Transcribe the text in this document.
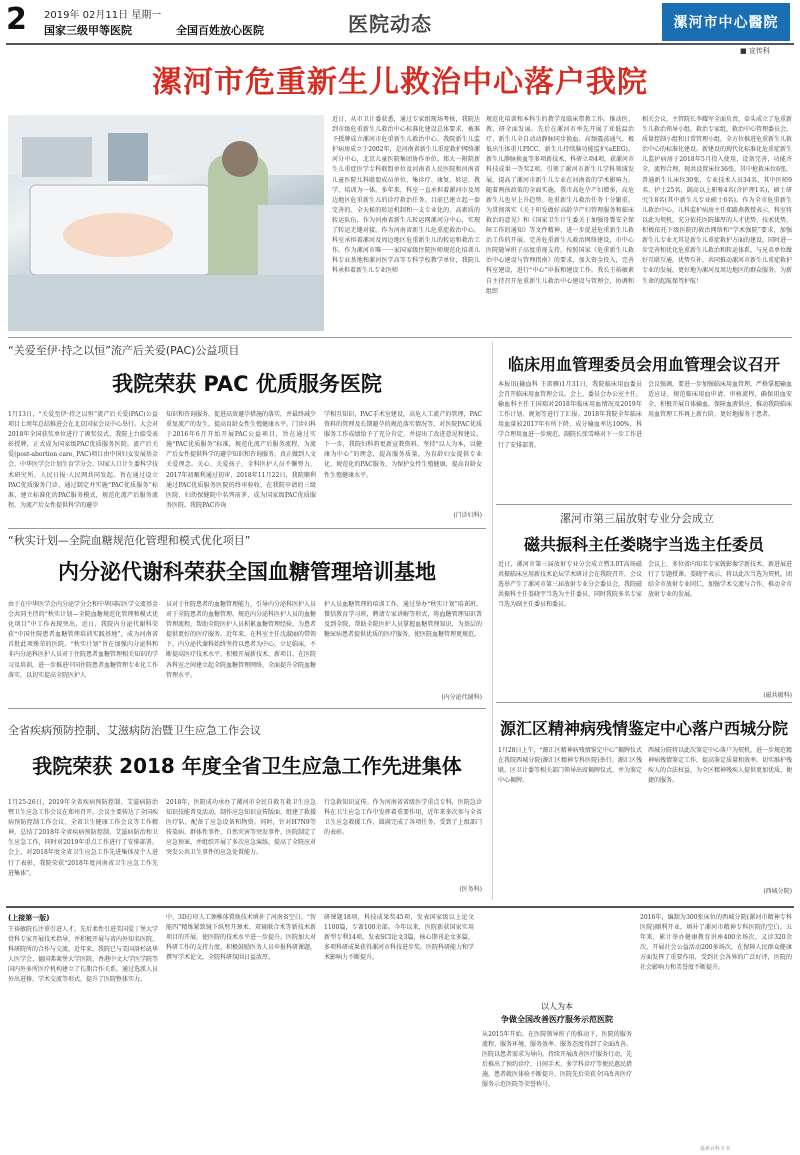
2 2019年 02月11日 星期一
国家三级甲等医院	全国百姓放心医院	医院动态	漯河市中心醫院
■ 宣传科
漯河市危重新生儿救治中心落户我院
近日，从市卫计委获悉，通过专家组现场考核，我院达到市级危重新生儿救治中心标准化建设总体要求，被准予授牌成立漯河市危重新生儿救治中心。我院新生儿监护病房成立于2002年，是河南省新生儿重症救护网络漯河分中心，北京儿童医院集团协作单位，郑大一附院新生儿重症医学专科联盟单位及河南省人民医院和河南省儿童医院儿科联盟成员单位，集诊疗、康复、转运、教学、培训为一体。多年来，科室一直承担着漯河市及周边地区危重新生儿的诊疗救治任务。目前已建立起一套完善的、全天候的转运机制和一支专业化的、高素质的转运队伍，作为河南省新生儿转运网漯河分中心，实现了转运无缝对接。作为河南省新生儿危重症救治中心，科室承担着漯河及周边地区危重新生儿的转运和救治工作。作为漯河市唯一一家国家级住院医师规范化培训儿科专业基地和漯河医学高等专科学校教学单位，我院儿科承担着新生儿专业医师
规范化培训和本科生的教学及临床带教工作。推动医、教、研全面发展。先后在漯河市率先开展了亚低温治疗、新生儿全自动动静脉同步换血、高频震荡通气、极低出生体重儿PICC、新生儿持续脑功能监护(aEEG)、新生儿静脉换血等多项新技术，科研立项4项，获漯河市科技成果一等奖2项。引领了漯河市新生儿学科领域发展，提高了漯河市新生儿专业在河南省的学术影响力。随着两孩政策的全面实施，我市高危孕产妇增多，高危新生儿也呈上升趋势。危重新生儿救治任务十分繁重。为贯彻落实《关于印发做好高龄孕产妇管理服务和临床救治的意见》和《国家卫生计生委关于加强母婴安全保障工作的通知》等文件精神，进一步促进危重新生儿救治工作的开展，完善危重新生儿救治网络建设，市中心医院随导班子高度重视支持，按照国家《危重新生儿救治中心建设与管理指南》的要求，加大资金投入，完善科室建设，进行“中心”申报和建设工作。我长王裕敏素自主持召开危重新生儿救治中心建设与管理会，协调和组织
相关会议，主管院长李耀军全面负责，牵头成立了危重新生儿救治领导小组，救治专家组，救治中心管理委员会，质量控制小组和日常管理小组，全方位推进危重新生儿救治中心的标准化建设。新建设的现代化标准化危重症新生儿监护病房于2018年5月投入使用，设备完善，功能齐全，流程合理。现共设置床位36张，其中抢救床位6张，普通新生儿床位30张，专业技术人员34名，其中医师9名，护士25名，副高以上职称4名(含护理1名)，硕士研究生8名(其中新生儿专业硕士6名)。作为全市危重新生儿救治中心，儿科监护病房主任郑路燕教授表示，科室将以此为契机，充分依托医院雄厚的人才优势、技术优势，积极依托下级医院的救治网络和“学术强院”要求，加强新生儿专业尤其是新生儿重症救护方面的建设，同时进一步完善和优化危重新生儿救治和转运体系，与兄弟单位做好互联互通，优势互补，共同推动漯河市新生儿重症救护专业的发展，更好地为漯河及周边地区的群众服务，为新生命的起航保驾护航！
“关爱至伊·持之以恒”流产后关爱(PAC)公益项目
我院荣获 PAC 优质服务医院
1月13日，“关爱至伊·持之以恒”流产后关爱(PAC)公益项目七周年总结推进会在北京国家会议中心举行。大会对2018年全国获奖单位进行了颁奖仪式，我院上台接受表彰授牌，正式成为国家级PAC优质服务医院。流产后关爱(post-abortion care, PAC)项目由中国妇女发展基金会、中华医学会计划生育学分会、国家人口计生委科学技术研究所、人民日报·人民网共同发起。旨在通过设立PAC优质服务门诊，通过制定并实施“PAC优质服务”标准，建立标准化的PAC服务模式，规范化流产后服务流程，为流产后女性提供科学的避孕
知识和咨询服务，促进高效避孕措施的落实，并最终减少重复流产的发生，提高育龄女性生殖健康水平。门诊妇科于2016年6月开始开展PAC公益项目，旨在通过实施“PAC优质服务”标准，规范化流产后服务流程，为流产后女性提供科学的避孕知识和咨询服务，真正做到人文关爱理念。关心、关爱孩子，全科医护人员不懈努力，2017年初顺利通过初审，2018年11月22日，我院顺利通过PAC优质服务医院的终审验收，在我院申请的三级医院、妇幼保健院中名列前茅，成为国家级PAC优质服务医院。我院PAC咨询
学相互知识，PAC手术室建设，高危人工流产的管理，PAC资料的管理及长期避孕的规范落实情况等，对医院PAC优质服务工作成绩给予了充分肯定，并提出了改进意见和建议。下一步，我院妇科将更新宣教资料，坚持“以人为本，以健康为中心”的理念，提高服务质量，为育龄妇女提供专业化、规范化的PAC服务，为保护女性生殖健康，提高育龄女性生殖健康水平。
(门诊妇科)
“秋实计划—全院血糖规范化管理和模式优化项目”
内分泌代谢科荣获全国血糖管理培训基地
由于在中华医学会内分泌学分会和中华国际医学交流基金会共同主持的“秋实计划—全院血糖规范化管理和模式优化项目”中工作表现突出，近日，我院内分泌代谢科荣获“中国住院患者血糖管理培训实践基地”，成为河南省首批此项殊荣的医院。“秋实计划”旨在加强内分泌科和非内分泌科医护人员对于住院患者血糖管理相关知识的学习及培训，进一步推进中国住院患者血糖管理专业化工作落实，以切实提高全院医护人
员对于住院患者的血糖管理能力，引导内分泌科医护人员对于全院患者的血糖管理。规范内分泌科医护人员的血糖管理流程，帮助全院医护人员积累血糖管理经验，为患者提供更好的医疗服务。近年来，在科室主任沈淑丽的带领下，内分泌代谢科始终坚持以患者为中心，立足临床，不断提高医疗技术水平，积极开展新技术、新项目，在医院各科室之间建立起全院血糖管理网络，全面提升全院血糖管理水平。
护人员血糖管理的培训工作，通过举办“秋实计划”培训班、微信教育学习班，聘请专家讲解等形式，将血糖管理知识普及到全院，帮助全院医护人员掌握血糖管理知识，为基层的糖尿病患者提供优质的医疗服务，使医院血糖管理更规范。
(内分泌代谢科)
全省疾病预防控制、艾滋病防治暨卫生应急工作会议
我院荣获 2018 年度全省卫生应急工作先进集体
1月25-26日，2019年全省疾病预防控制、艾滋病防治暨卫生应急工作会议在郑州召开。会议主要传达了全国疾病预防控制工作会议、全省卫生健康工作会议等工作精神，总结了2018年全省疾病预防控制、艾滋病防治和卫生应急工作，同时对2019年重点工作进行了安排部署。会上，对2018年度全省卫生应急工作先进集体及个人进行了表彰，我院荣获“2018年度河南省卫生应急工作先进集体”。
2018年，医院成功承办了漯河市全民自救互救卫生应急知识技能普及活动，制作应急知识宣传版面，组建了救援医疗队，配备了应急设备和物资。同时，针对H7N9等传染病、群体性事件、自然灾害等突发事件，医院制定了应急预案，并组织开展了多次应急演练，提高了全院应对突发公共卫生事件的应急处置能力。
行急救知识宣传。作为河南省省级医学重点专科，医院急诊科在卫生应急工作中发挥着重要作用，近年来多次参与全省卫生应急救援工作，圆满完成了各项任务，受到了上级部门的表彰。
(医务科)
临床用血管理委员会用血管理会议召开
本报讯(输血科 王雷雁)1月31日，我院临床用血委员会召开临床用血管理会议。会上，委员会办公室主任、输血科主任王国瑞对2018年临床用血情况及2019年工作计划、规划等进行了汇报。2018年我院全年临床用血量较2017年有所下降，成分输血率达100%，科学合理用血进一步规范。副院长张雪峰对下一步工作进行了安排部署。
会议强调，要进一步加强临床用血管理，严格掌握输血适应证，规范临床用血申请、审核流程，确保用血安全，积极开展自体输血，保障血液供应，推动我院临床用血管理工作再上新台阶，更好地服务于患者。
漯河市第三届放射专业分会成立
磁共振科主任娄晓宇当选主任委员
近日，漯河市第三届放射专业分会成立暨3.0T高场磁共振临床应用新技术论坛学术研讨会在我院召开。会议选举产生了漯河市第三届放射专业分会委员会，我院磁共振科主任娄晓宇当选为主任委员，同时我院多名专家当选为副主任委员和委员。
会议上，多位省内知名专家就影像学新技术、新进展进行了专题授课。娄晓宇表示，将以此次当选为契机，团结全市放射专业同仁，加强学术交流与合作，推动全市放射专业的发展。
(磁共振科)
源汇区精神病残情鉴定中心落户西城分院
1月28日上午，“源汇区精神病残情鉴定中心”揭牌仪式在我院西城分院(源汇区精神专科医院)举行。源汇区残联、区卫计委等相关部门领导出席揭牌仪式，并为鉴定中心揭牌。
西城分院将以此次鉴定中心落户为契机，进一步规范精神病残情鉴定工作，提高鉴定质量和效率，切实维护残疾人的合法权益，为全区精神残疾人提供更加优质、便捷的服务。
(西城分院)
(上接第一版)
王裕敏院长注重引进人才，先后柔性引进美国爱丁堡大学骨科专家开展技术指导，并积极开展与省内外知名医院、科研院所的合作与交流。近年来，我院已与美国洛杉矶华人医学会、德国弗莱堡大学医院、香港中文大学医学院等国内外多所医疗机构建立了长期合作关系，通过选派人员外出进修、学术交流等形式，提升了医院整体实力。
中、3D打印人工颈椎体置换技术填补了河南省空白。“智能四”精炼紧致镜下纵劈开颈术、双镜联合术等新技术新项目的开展，使医院的技术水平进一步提升。医院加大对科研工作的支持力度，积极鼓励医务人员申报科研课题，撰写学术论文，全院科研氛围日益浓厚。
研课题18项，科技成果奖45项，发表国家级以上论文1100篇，专著100余部。今年以来，医院新获国家实用新型专利14项，发表SCI论文3篇，核心期刊论文多篇，多项科研成果获得漯河市科技进步奖。医院科研能力和学术影响力不断提升。
以人为本
争做全国改善医疗服务示范医院
从2015年开始，在医院领导班子的推动下，医院的服务流程、服务环境、服务效率、服务态度得到了全面改善。医院以患者需求为导向，持续开展改善医疗服务行动，先后推出了预约诊疗、日间手术、多学科诊疗等便民惠民措施，患者就医体验不断提升，医院先后荣获全国改善医疗服务示范医院等荣誉称号。
2016年，编制为300张床位的西城分院(漯河市精神专科医院)顺利开业，填补了漯河市精神专科医院的空白。五年来，累计举办健康教育讲座400余场次，义诊320余次，开展社会公益活动200多场次，在保障人民群众健康方面发挥了重要作用，受到社会各界的广泛好评，医院的社会影响力和美誉度不断提升。
最新百科全书
